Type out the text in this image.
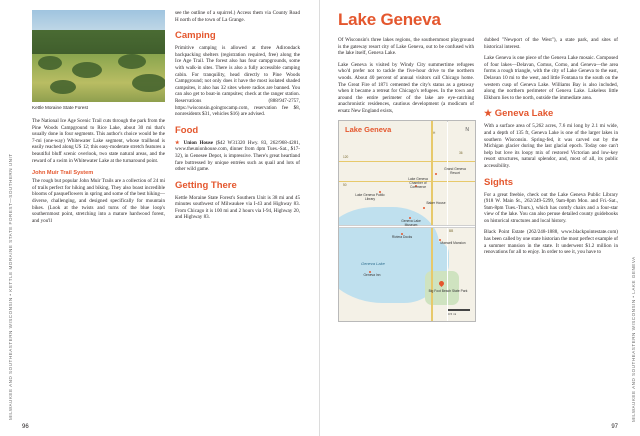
MILWAUKEE AND SOUTHEASTERN WISCONSIN • KETTLE MORAINE STATE FOREST—SOUTHERN UNIT
Kettle Moraine State Forest

The National Ice Age Scenic Trail cuts through the park from the Pine Woods Campground to Rice Lake, about 30 mi that's usually done in four segments. This author's choice would be the 7-mi (one-way) Whitewater Lake segment, whose trailhead is easily reached along US 12; this easy-moderate stretch features a beautiful bluff scenic overlook, two state natural areas, and the reward of a swim in Whitewater Lake at the turnaround point.

John Muir Trail System

The rough but popular John Muir Trails are a collection of 24 mi of trails perfect for hiking and biking. They also boast incredible blooms of pasqueflowers in spring and some of the best hiking—diverse, challenging, and designed specifically for mountain bikes. (Look at the twists and turns of the blue loop's southernmost point, stretching into a mature hardwood forest, and you'll

see the outline of a squirrel.) Access them via County Road H north of the town of La Grange.

Camping

Primitive camping is allowed at three Adirondack backpacking shelters (registration required, free) along the Ice Age Trail. The forest also has four campgrounds, some with walk-in sites. There is also a fully accessible camping cabin. For tranquility, head directly to Pine Woods Campground; not only does it have the most isolated shaded campsites, it also has 32 sites where radios are banned. You can also get to boat-in campsites; check at the ranger station. Reservations (888/947-2757, https://wisconsin.goingtocamp.com, reservation fee $8, nonresidents $31, vehicles $16) are advised.

Food
★ Union House ($42 W31320 Hwy. 83, 262/968-4281, www.theunionhouse.com, dinner from 4pm Tues.-Sat., $17-32), in Genesee Depot, is impressive. There's great heartland fare buttressed by unique entrées such as quail and lots of other wild game.
Getting There

Kettle Moraine State Forest's Southern Unit is 38 mi and 45 minutes southwest of Milwaukee via I-43 and Highway 83. From Chicago it is 100 mi and 2 hours via I-94, Highway 20, and Highway 83.

96
MILWAUKEE AND SOUTHEASTERN WISCONSIN • LAKE GENEVA
Lake Geneva

Of Wisconsin's three lakes regions, the southernmost playground is the gateway resort city of Lake Geneva, out to be confused with the lake itself, Geneva Lake.

Lake Geneva is visited by Windy City summertime refugees who'd prefer not to tackle the five-hour drive to the northern woods. About 40 percent of annual visitors call Chicago home. The Great Fire of 1871 cemented the city's status as a getaway when it became a retreat for Chicago's refugees. In the town and around the entire perimeter of the lake are eye-catching anachronistic residences, cautious development (a modicum of ersatz New England exists,

Lake Geneva	N
Geneva Lake
Grand Geneva Resort
Lake Geneva Public Library
Lake Geneva Chamber of Commerce
Geneva Lake Museum
Baker House
Riviera Docks
Maxwell Mansion
Big Foot Beach State Park
Geneva Inn
120
50
36
H
BB
0.5 mi

dubbed "Newport of the West"), a state park, and sites of historical interest.

Lake Geneva is one piece of the Geneva Lake mosaic. Composed of four lakes—Delavan, Comus, Como, and Geneva—the area forms a rough triangle, with the city of Lake Geneva to the east, Delavan 10 mi to the west, and little Fontana to the south on the western cusp of Geneva Lake. Williams Bay is also included, along the northern perimeter of Geneva Lake. Lakeless little Elkhorn lies to the north, outside the immediate area.

★ Geneva Lake

With a surface area of 5,262 acres, 7.6 mi long by 2.1 mi wide, and a depth of 135 ft, Geneva Lake is one of the larger lakes in southern Wisconsin. Spring-fed, it was carved out by the Michigan glacier during the last glacial epoch. Today one can't help but love its loopy mix of restored Victorian and low-key resort structures, natural splendor, and, most of all, its public accessibility.

Sights

For a great freebie, check out the Lake Geneva Public Library (918 W. Main St., 262/249-5299, 9am-8pm Mon. and Fri.-Sat., 9am-8pm Tues.-Thurs.), which has comfy chairs and a four-star view of the lake. You can also peruse detailed county guidebooks on historical structures and local history.

Black Point Estate (262/248-1888, www.blackpointestate.com) has been called by one state historian the most perfect example of a summer mansion in the state. It underwent $1.2 million in renovations for all to enjoy. In order to see it, you have to

97
